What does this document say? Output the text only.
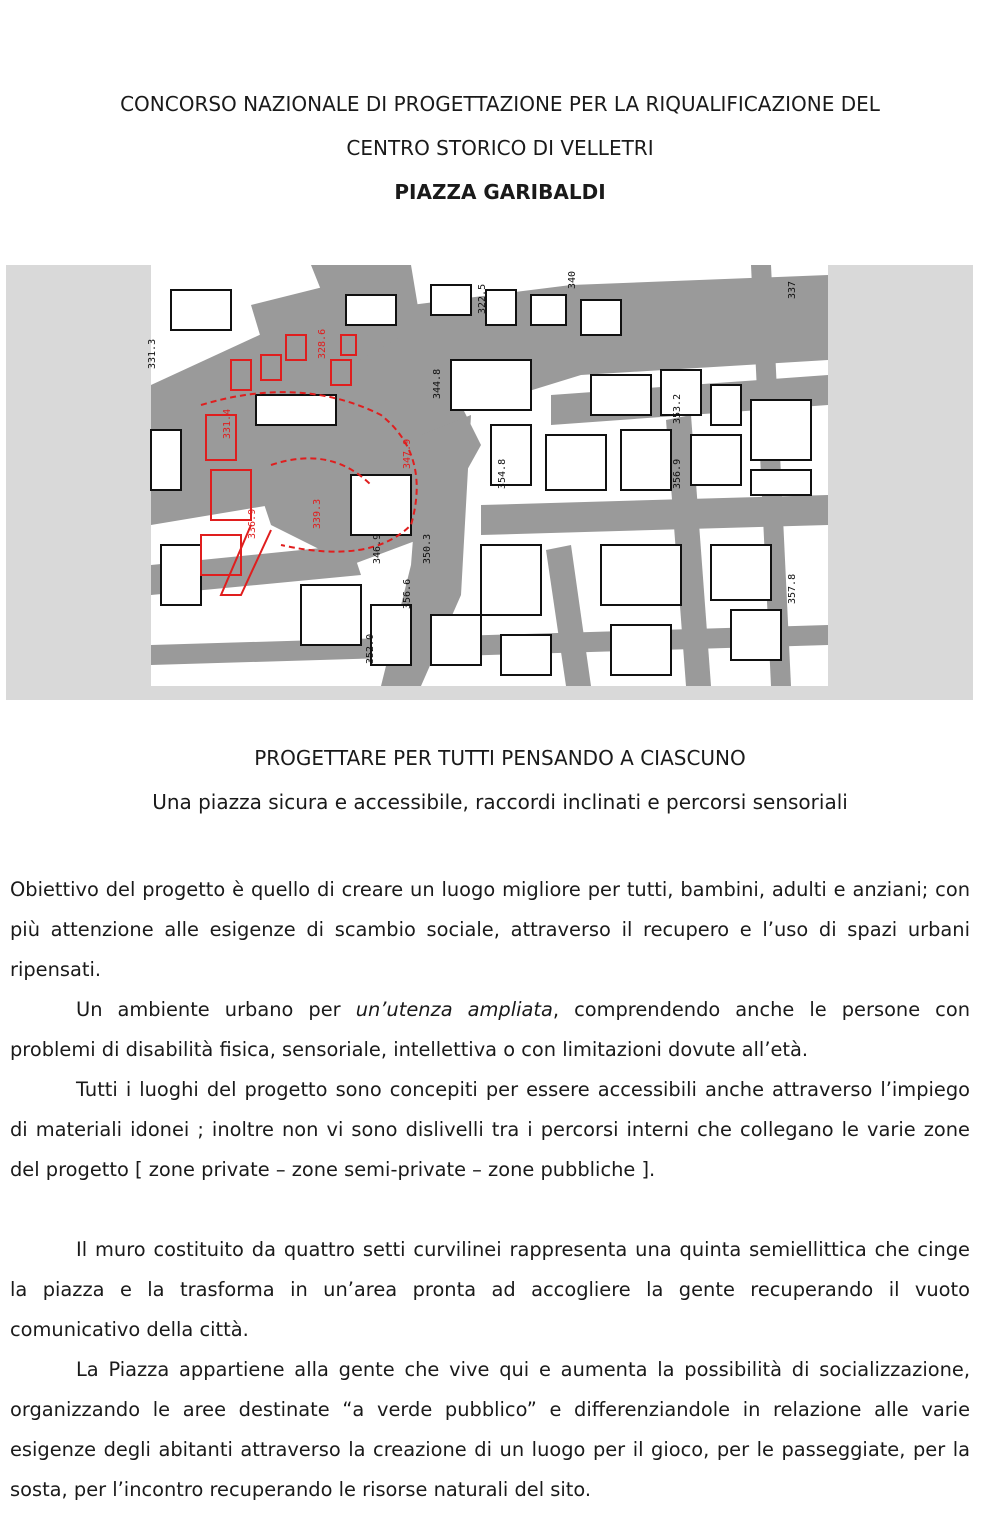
CONCORSO NAZIONALE DI PROGETTAZIONE PER LA RIQUALIFICAZIONE DEL
CENTRO STORICO DI VELLETRI
PIAZZA GARIBALDI
331.3	328.6
331.4
336.9	339.3
347.9
344.8
346.9	350.3
356.6
354.8
353.2
356.9
352.0
357.8
322.5
340
337
PROGETTARE PER TUTTI PENSANDO A CIASCUNO
Una piazza sicura e accessibile, raccordi inclinati e percorsi sensoriali

Obiettivo del progetto è quello di creare un luogo migliore per tutti, bambini, adulti e anziani; con più attenzione alle esigenze di scambio sociale, attraverso il recupero e l’uso di spazi urbani ripensati.

Un ambiente urbano per un’utenza ampliata, comprendendo anche le persone con problemi di disabilità fisica, sensoriale, intellettiva o con limitazioni dovute all’età.

Tutti i luoghi del progetto sono concepiti per essere accessibili anche attraverso l’impiego di materiali idonei ; inoltre non vi sono dislivelli tra i percorsi interni che collegano le varie zone del progetto [ zone private – zone semi-private – zone pubbliche ].

Il muro costituito da quattro setti curvilinei rappresenta una quinta semiellittica che cinge la piazza e la trasforma in un’area pronta ad accogliere la gente recuperando il vuoto comunicativo della città.

La Piazza appartiene alla gente che vive qui e aumenta la possibilità di socializzazione, organizzando le aree destinate “a verde pubblico” e differenziandole in relazione alle varie esigenze degli abitanti attraverso la creazione di un luogo per il gioco, per le passeggiate, per la sosta, per l’incontro recuperando le risorse naturali del sito.
